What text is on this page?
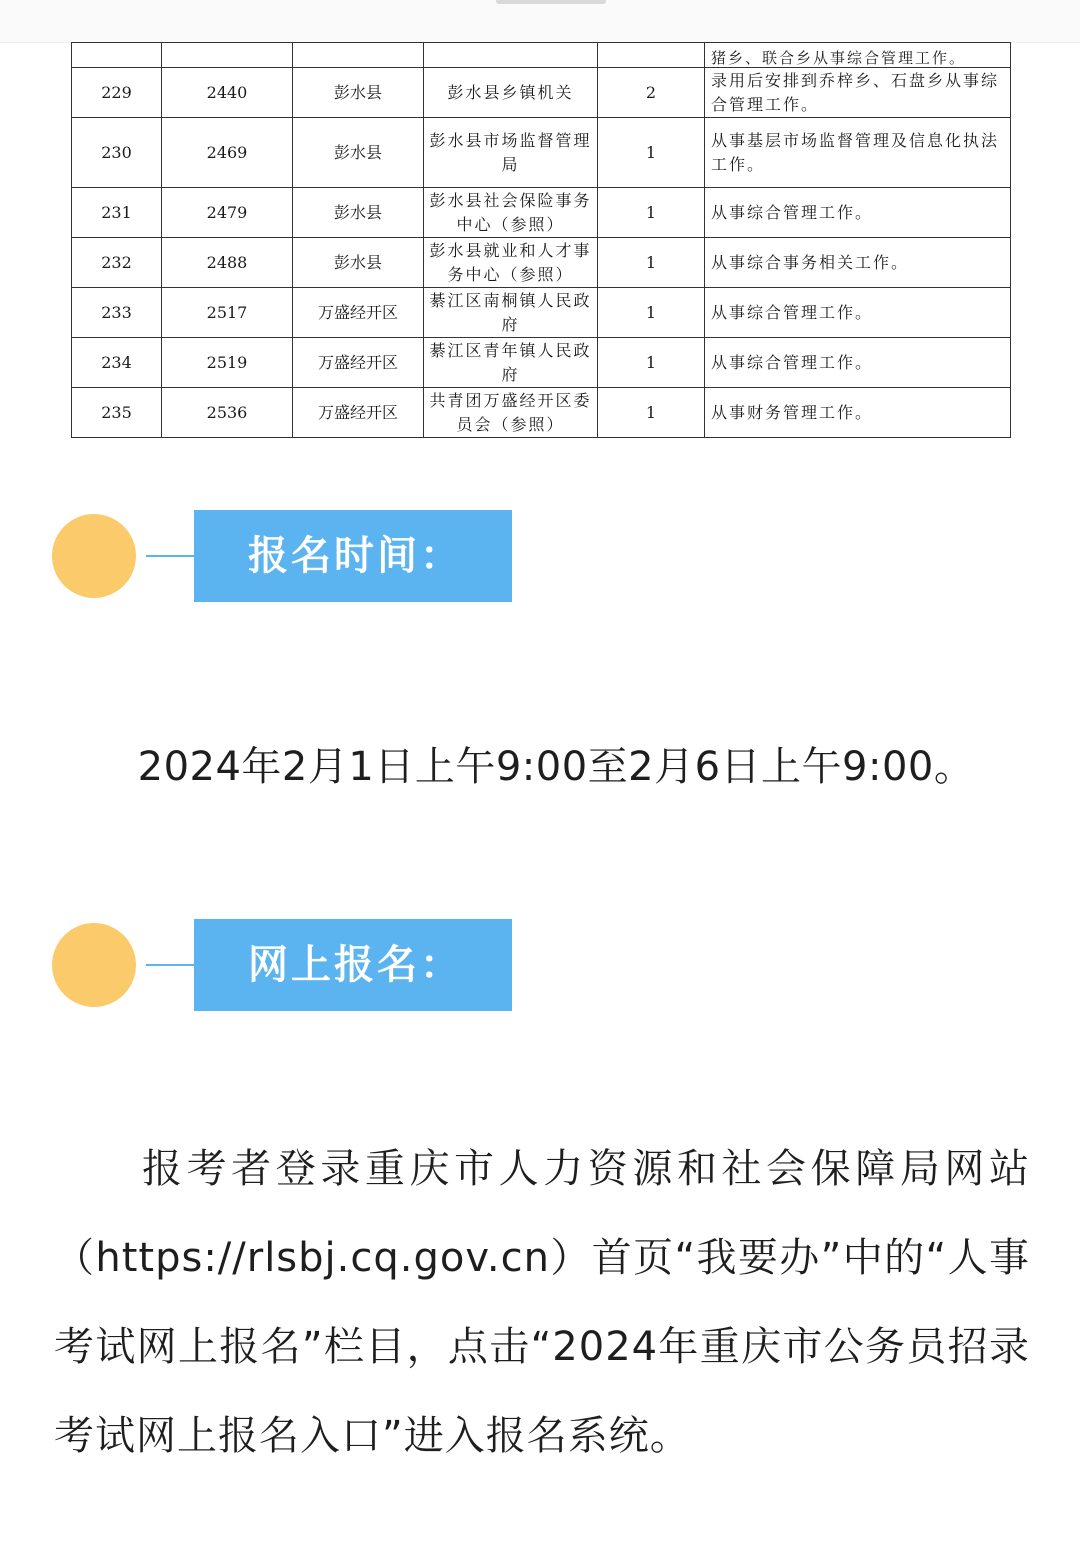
					猪乡、联合乡从事综合管理工作。
229	2440	彭水县	彭水县乡镇机关	2	录用后安排到乔梓乡、石盘乡从事综合管理工作。
230	2469	彭水县	彭水县市场监督管理局	1	从事基层市场监督管理及信息化执法工作。
231	2479	彭水县	彭水县社会保险事务中心（参照）	1	从事综合管理工作。
232	2488	彭水县	彭水县就业和人才事务中心（参照）	1	从事综合事务相关工作。
233	2517	万盛经开区	綦江区南桐镇人民政府	1	从事综合管理工作。
234	2519	万盛经开区	綦江区青年镇人民政府	1	从事综合管理工作。
235	2536	万盛经开区	共青团万盛经开区委员会（参照）	1	从事财务管理工作。
报名时间：
2024年2月1日上午9:00至2月6日上午9:00。
网上报名：

报考者登录重庆市人力资源和社会保障局网站（https://rlsbj.cq.gov.cn）首页“我要办”中的“人事考试网上报名”栏目，点击“2024年重庆市公务员招录考试网上报名入口”进入报名系统。
